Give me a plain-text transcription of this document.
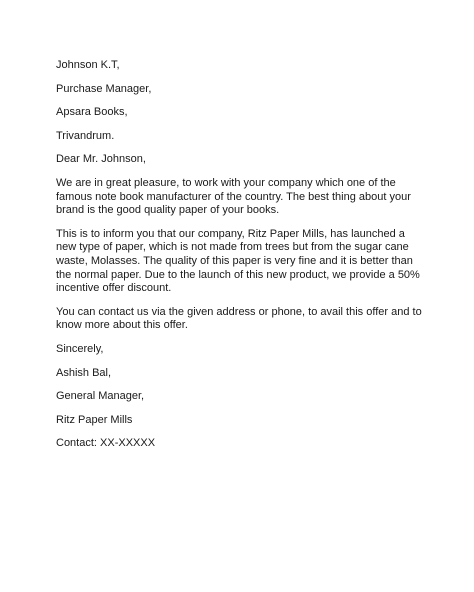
Johnson K.T,
Purchase Manager,
Apsara Books,
Trivandrum.
Dear Mr. Johnson,
We are in great pleasure, to work with your company which one of the
famous note book manufacturer of the country. The best thing about your
brand is the good quality paper of your books.
This is to inform you that our company, Ritz Paper Mills, has launched a
new type of paper, which is not made from trees but from the sugar cane
waste, Molasses. The quality of this paper is very fine and it is better than
the normal paper. Due to the launch of this new product, we provide a 50%
incentive offer discount.
You can contact us via the given address or phone, to avail this offer and to
know more about this offer.
Sincerely,
Ashish Bal,
General Manager,
Ritz Paper Mills
Contact: XX-XXXXX
